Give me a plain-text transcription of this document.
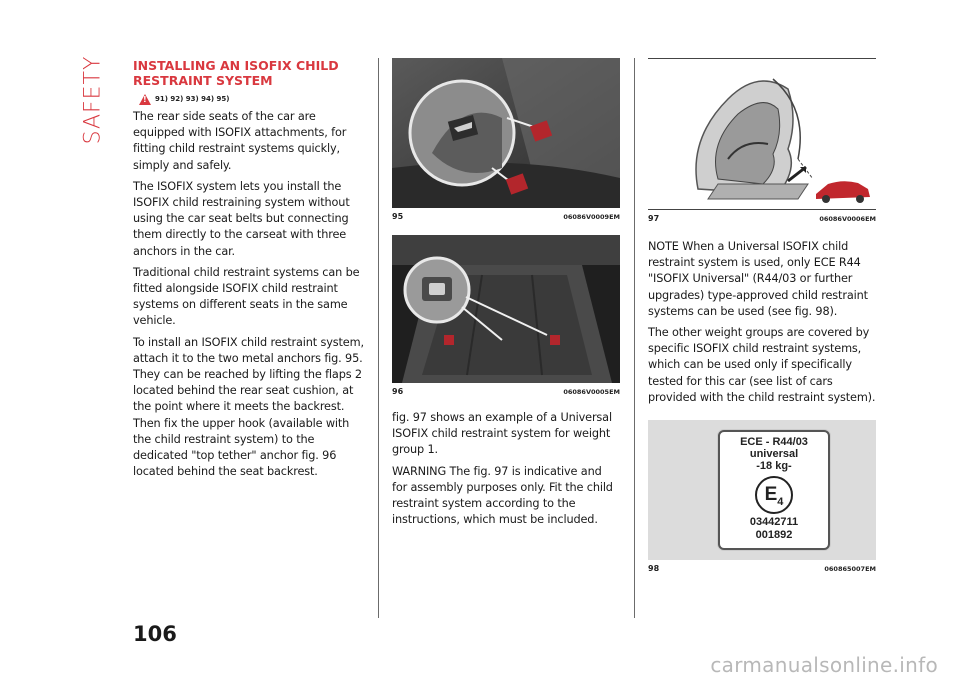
SAFETY INSTALLING AN ISOFIX CHILD RESTRAINT SYSTEM
!
91) 92) 93) 94) 95)

The rear side seats of the car are equipped with ISOFIX attachments, for fitting child restraint systems quickly, simply and safely.

The ISOFIX system lets you install the ISOFIX child restraining system without using the car seat belts but connecting them directly to the carseat with three anchors in the car.

Traditional child restraint systems can be fitted alongside ISOFIX child restraint systems on different seats in the same vehicle.

To install an ISOFIX child restraint system, attach it to the two metal anchors fig. 95. They can be reached by lifting the flaps 2 located behind the rear seat cushion, at the point where it meets the backrest. Then fix the upper hook (available with the child restraint system) to the dedicated "top tether" anchor fig. 96 located behind the seat backrest.

95	06086V0009EM
96	06086V0005EM

fig. 97 shows an example of a Universal ISOFIX child restraint system for weight group 1.

WARNING The fig. 97 is indicative and for assembly purposes only. Fit the child restraint system according to the instructions, which must be included.

97	06086V0006EM

NOTE When a Universal ISOFIX child restraint system is used, only ECE R44 "ISOFIX Universal" (R44/03 or further upgrades) type-approved child restraint systems can be used (see fig. 98).

The other weight groups are covered by specific ISOFIX child restraint systems, which can be used only if specifically tested for this car (see list of cars provided with the child restraint system).

ECE - R44/03
universal
-18 kg-
$E_4$
03442711
001892
98	060865007EM
106
carmanualsonline.info
